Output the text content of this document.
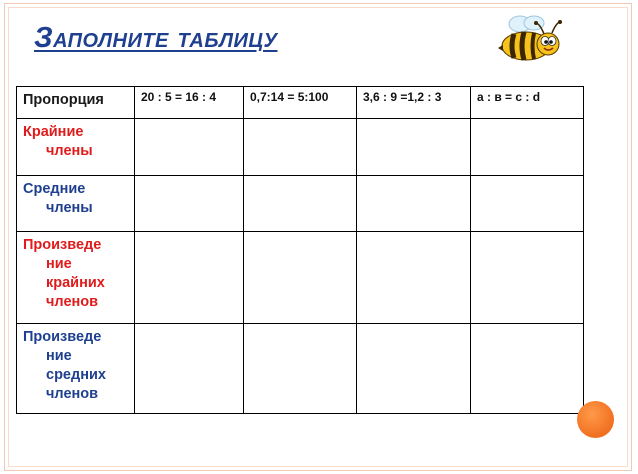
Заполните таблицу
Пропорция	20 : 5 = 16 : 4	0,7:14 = 5:100	3,6 : 9 =1,2 : 3	а : в = с : d
Крайние
члены				

Средние
члены				

Произведе
ние крайних членов				

Произведе
ние средних членов				
